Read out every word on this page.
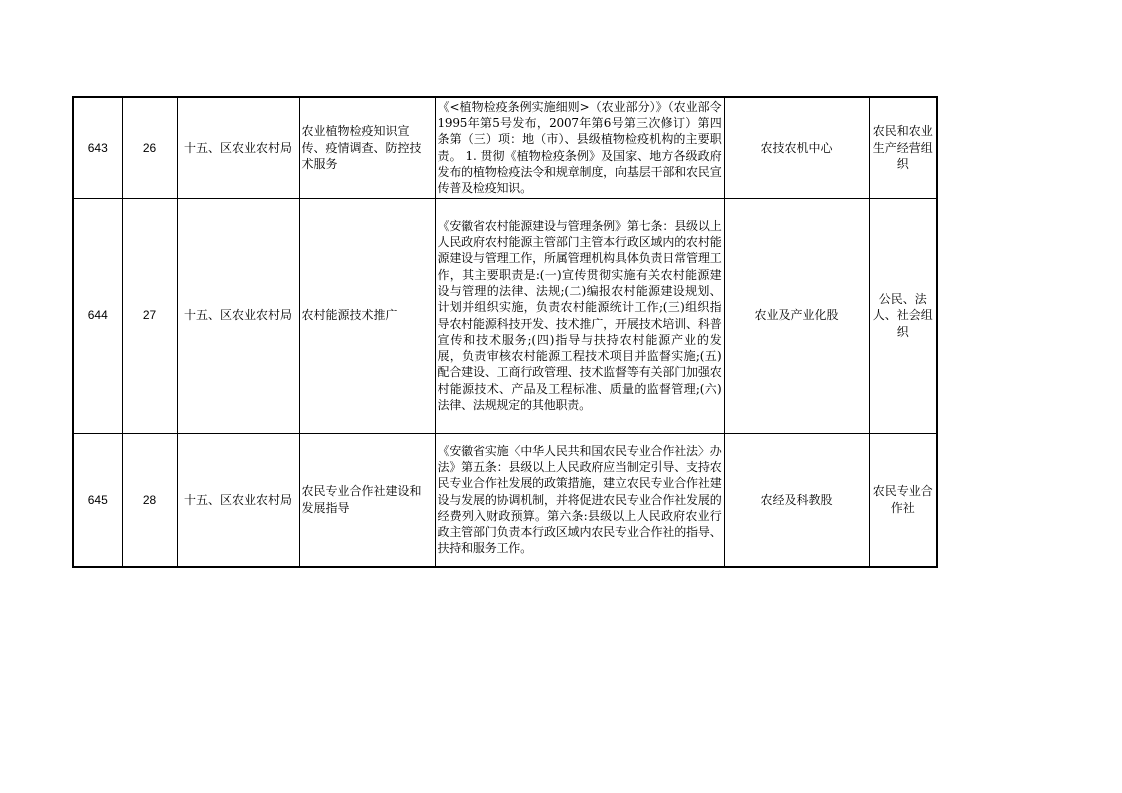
643	26	十五、区农业农村局	农业植物检疫知识宣传、疫情调查、防控技术服务	《<植物检疫条例实施细则>（农业部分）》（农业部令1995年第5号发布，2007年第6号第三次修订）第四条第（三）项：地（市）、县级植物检疫机构的主要职责。 1. 贯彻《植物检疫条例》及国家、地方各级政府发布的植物检疫法令和规章制度，向基层干部和农民宣传普及检疫知识。	农技农机中心	农民和农业生产经营组织
644	27	十五、区农业农村局	农村能源技术推广	《安徽省农村能源建设与管理条例》第七条：县级以上人民政府农村能源主管部门主管本行政区域内的农村能源建设与管理工作，所属管理机构具体负责日常管理工作，其主要职责是:(一)宣传贯彻实施有关农村能源建设与管理的法律、法规;(二)编报农村能源建设规划、计划并组织实施，负责农村能源统计工作;(三)组织指导农村能源科技开发、技术推广，开展技术培训、科普宣传和技术服务;(四)指导与扶持农村能源产业的发展，负责审核农村能源工程技术项目并监督实施;(五)配合建设、工商行政管理、技术监督等有关部门加强农村能源技术、产品及工程标准、质量的监督管理;(六)法律、法规规定的其他职责。	农业及产业化股	公民、法人、社会组织
645	28	十五、区农业农村局	农民专业合作社建设和发展指导	《安徽省实施〈中华人民共和国农民专业合作社法〉办法》第五条：县级以上人民政府应当制定引导、支持农民专业合作社发展的政策措施，建立农民专业合作社建设与发展的协调机制，并将促进农民专业合作社发展的经费列入财政预算。第六条:县级以上人民政府农业行政主管部门负责本行政区域内农民专业合作社的指导、扶持和服务工作。	农经及科教股	农民专业合作社
